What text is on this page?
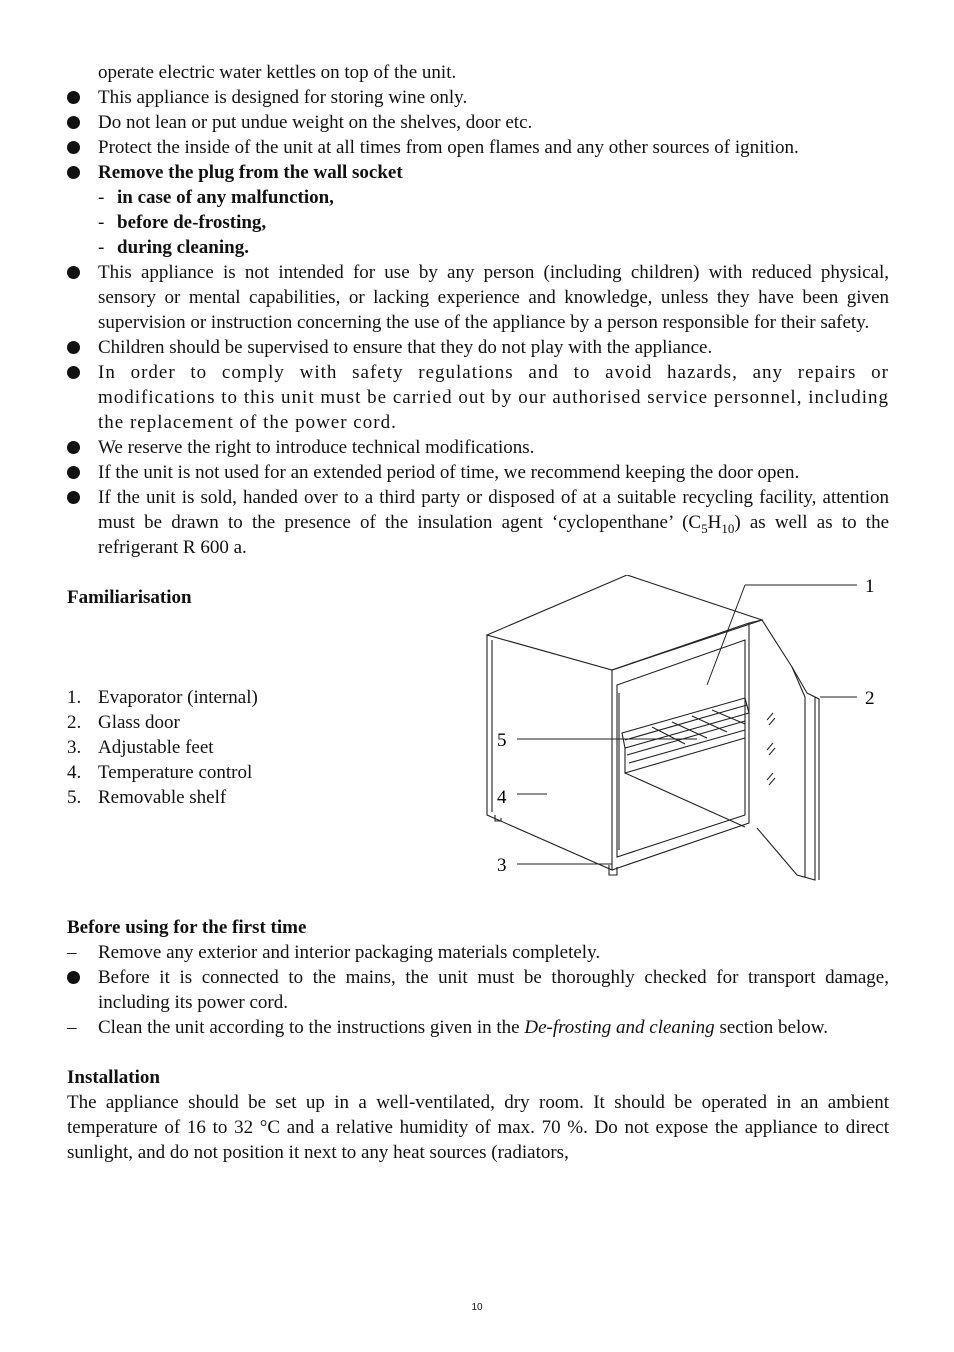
operate electric water kettles on top of the unit.
This appliance is designed for storing wine only.
Do not lean or put undue weight on the shelves, door etc.
Protect the inside of the unit at all times from open flames and any other sources of ignition.
Remove the plug from the wall socket
- in case of any malfunction,
- before de-frosting,
- during cleaning.
This appliance is not intended for use by any person (including children) with reduced physical, sensory or mental capabilities, or lacking experience and knowledge, unless they have been given supervision or instruction concerning the use of the appliance by a person responsible for their safety.
Children should be supervised to ensure that they do not play with the appliance.
In order to comply with safety regulations and to avoid hazards, any repairs or modifications to this unit must be carried out by our authorised service personnel, including the replacement of the power cord.
We reserve the right to introduce technical modifications.
If the unit is not used for an extended period of time, we recommend keeping the door open.
If the unit is sold, handed over to a third party or disposed of at a suitable recycling facility, attention must be drawn to the presence of the insulation agent ‘cyclopenthane’ $(C_5H_{10})$ as well as to the refrigerant R 600 a.
Familiarisation
1. Evaporator (internal)
2. Glass door
3. Adjustable feet
4. Temperature control
5. Removable shelf
1
2
3
4
5
Before using for the first time
– Remove any exterior and interior packaging materials completely.
Before it is connected to the mains, the unit must be thoroughly checked for transport damage, including its power cord.
– Clean the unit according to the instructions given in the De-frosting and cleaning section below.
Installation
The appliance should be set up in a well-ventilated, dry room. It should be operated in an ambient temperature of 16 to 32 °C and a relative humidity of max. 70 %. Do not expose the appliance to direct sunlight, and do not position it next to any heat sources (radiators,
10
